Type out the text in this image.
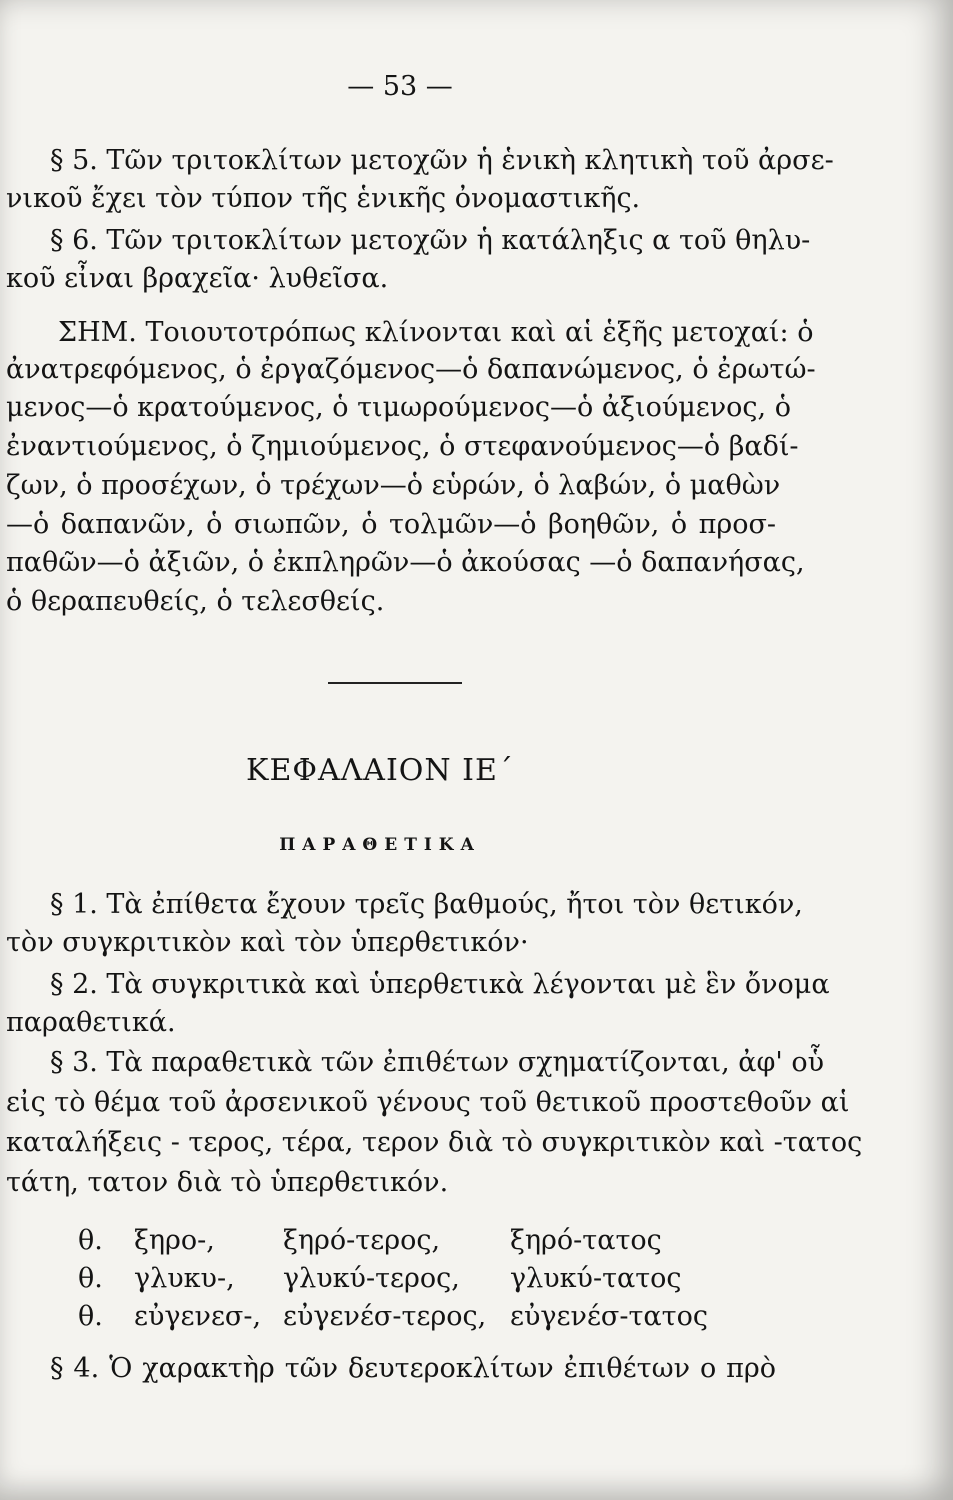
— 53 —
§ 5. Τῶν τριτοκλίτων μετοχῶν ἡ ἑνικὴ κλητικὴ τοῦ ἀρσε-
νικοῦ ἔχει τὸν τύπον τῆς ἑνικῆς ὀνομαστικῆς.
§ 6. Τῶν τριτοκλίτων μετοχῶν ἡ κατάληξις α τοῦ θηλυ-
κοῦ εἶναι βραχεῖα· λυθεῖσα.
ΣΗΜ. Τοιουτοτρόπως κλίνονται καὶ αἱ ἑξῆς μετοχαί: ὁ
ἀνατρεφόμενος, ὁ ἐργαζόμενος—ὁ δαπανώμενος, ὁ ἐρωτώ-
μενος—ὁ κρατούμενος, ὁ τιμωρούμενος—ὁ ἀξιούμενος, ὁ
ἐναντιούμενος, ὁ ζημιούμενος, ὁ στεφανούμενος—ὁ βαδί-
ζων, ὁ προσέχων, ὁ τρέχων—ὁ εὑρών, ὁ λαβών, ὁ μαθὼν
—ὁ δαπανῶν, ὁ σιωπῶν, ὁ τολμῶν—ὁ βοηθῶν, ὁ προσ-
παθῶν—ὁ ἀξιῶν, ὁ ἐκπληρῶν—ὁ ἀκούσας —ὁ δαπανήσας,
ὁ θεραπευθείς, ὁ τελεσθείς.
ΚΕΦΑΛΑΙΟΝ ΙΕ΄
ΠΑΡΑΘΕΤΙΚΑ
§ 1. Τὰ ἐπίθετα ἔχουν τρεῖς βαθμούς, ἤτοι τὸν θετικόν,
τὸν συγκριτικὸν καὶ τὸν ὑπερθετικόν·
§ 2. Τὰ συγκριτικὰ καὶ ὑπερθετικὰ λέγονται μὲ ἓν ὄνομα
παραθετικά.
§ 3. Τὰ παραθετικὰ τῶν ἐπιθέτων σχηματίζονται, ἀφ' οὗ
εἰς τὸ θέμα τοῦ ἀρσενικοῦ γένους τοῦ θετικοῦ προστεθοῦν αἱ
καταλήξεις - τερος, τέρα, τερον διὰ τὸ συγκριτικὸν καὶ -τατος
τάτη, τατον διὰ τὸ ὑπερθετικόν.
θ. ξηρο-,	ξηρό-τερος,	ξηρό-τατος
θ. γλυκυ-, γλυκύ-τερος, γλυκύ-τατος
θ. εὐγενεσ-, εὐγενέσ-τερος, εὐγενέσ-τατος
§ 4. Ὁ χαρακτὴρ τῶν δευτεροκλίτων ἐπιθέτων ο πρὸ
